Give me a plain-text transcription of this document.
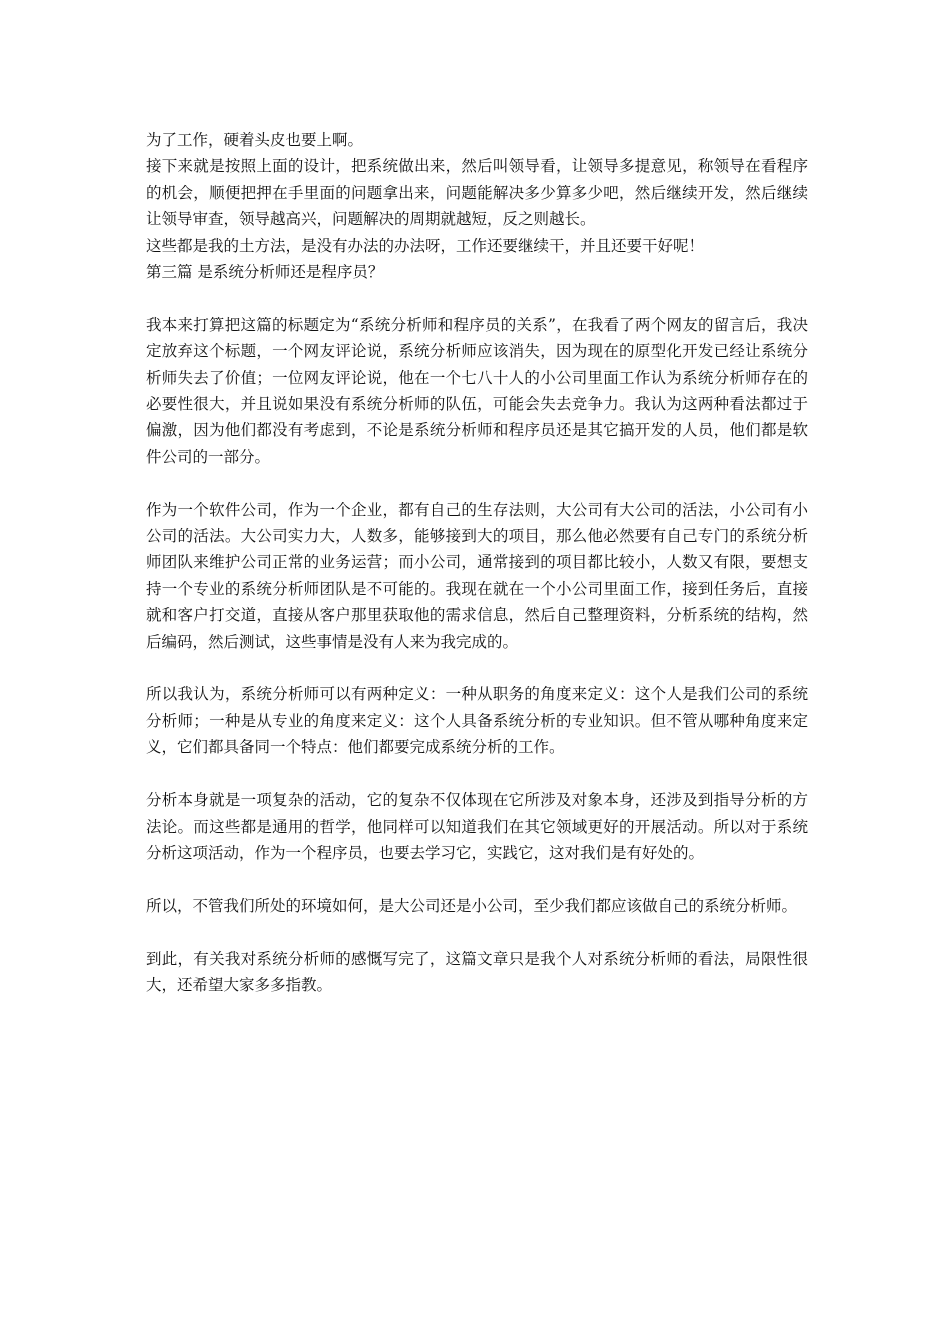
为了工作，硬着头皮也要上啊。

接下来就是按照上面的设计，把系统做出来，然后叫领导看，让领导多提意见，称领导在看程序的机会，顺便把押在手里面的问题拿出来，问题能解决多少算多少吧，然后继续开发，然后继续让领导审查，领导越高兴，问题解决的周期就越短，反之则越长。

这些都是我的土方法，是没有办法的办法呀，工作还要继续干，并且还要干好呢！

第三篇 是系统分析师还是程序员？

我本来打算把这篇的标题定为“系统分析师和程序员的关系”，在我看了两个网友的留言后，我决定放弃这个标题，一个网友评论说，系统分析师应该消失，因为现在的原型化开发已经让系统分析师失去了价值；一位网友评论说，他在一个七八十人的小公司里面工作认为系统分析师存在的必要性很大，并且说如果没有系统分析师的队伍，可能会失去竞争力。我认为这两种看法都过于偏激，因为他们都没有考虑到，不论是系统分析师和程序员还是其它搞开发的人员，他们都是软件公司的一部分。

作为一个软件公司，作为一个企业，都有自己的生存法则，大公司有大公司的活法，小公司有小公司的活法。大公司实力大，人数多，能够接到大的项目，那么他必然要有自己专门的系统分析师团队来维护公司正常的业务运营；而小公司，通常接到的项目都比较小，人数又有限，要想支持一个专业的系统分析师团队是不可能的。我现在就在一个小公司里面工作，接到任务后，直接就和客户打交道，直接从客户那里获取他的需求信息，然后自己整理资料，分析系统的结构，然后编码，然后测试，这些事情是没有人来为我完成的。

所以我认为，系统分析师可以有两种定义：一种从职务的角度来定义：这个人是我们公司的系统分析师；一种是从专业的角度来定义：这个人具备系统分析的专业知识。但不管从哪种角度来定义，它们都具备同一个特点：他们都要完成系统分析的工作。

分析本身就是一项复杂的活动，它的复杂不仅体现在它所涉及对象本身，还涉及到指导分析的方法论。而这些都是通用的哲学，他同样可以知道我们在其它领域更好的开展活动。所以对于系统分析这项活动，作为一个程序员，也要去学习它，实践它，这对我们是有好处的。

所以，不管我们所处的环境如何，是大公司还是小公司，至少我们都应该做自己的系统分析师。

到此，有关我对系统分析师的感慨写完了，这篇文章只是我个人对系统分析师的看法，局限性很大，还希望大家多多指教。
